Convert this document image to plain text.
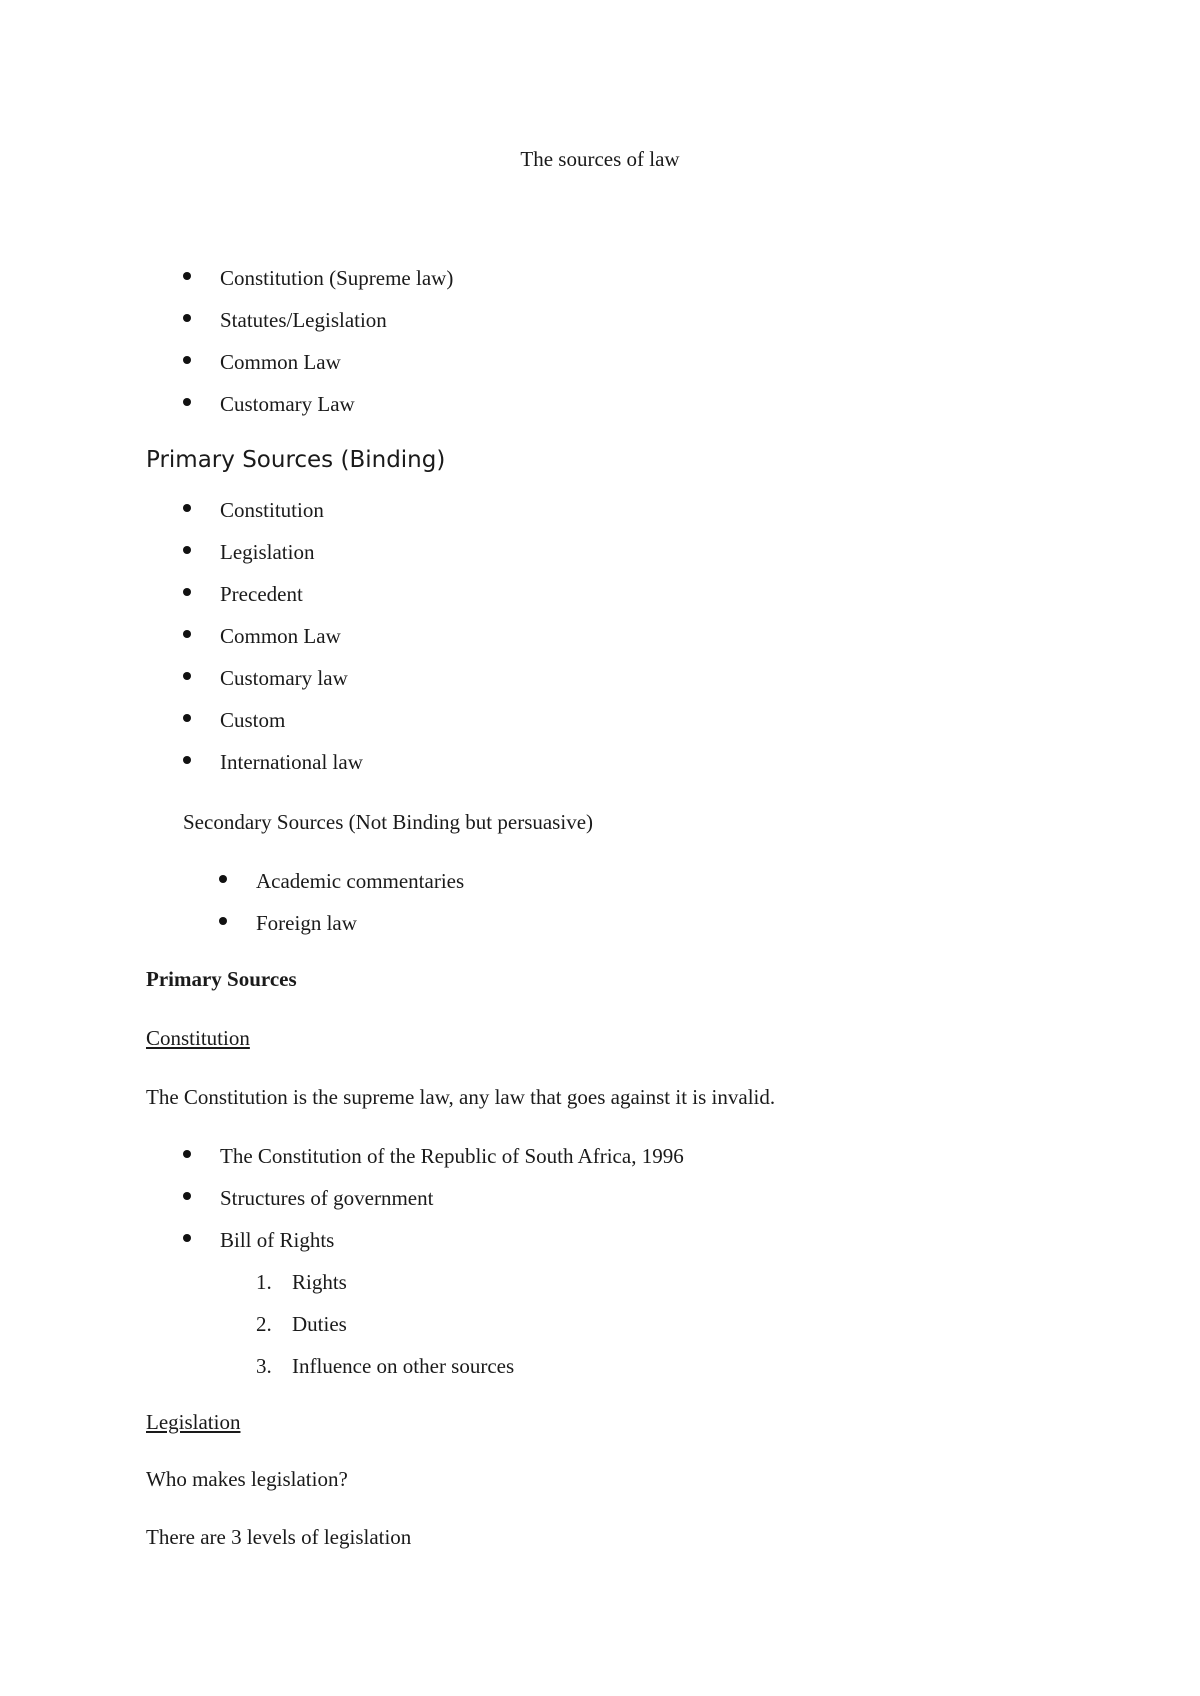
The sources of law
Constitution (Supreme law)
Statutes/Legislation
Common Law
Customary Law
Primary Sources (Binding)
Constitution
Legislation
Precedent
Common Law
Customary law
Custom
International law
Secondary Sources (Not Binding but persuasive)
Academic commentaries
Foreign law
Primary Sources
Constitution
The Constitution is the supreme law, any law that goes against it is invalid.
The Constitution of the Republic of South Africa, 1996
Structures of government
Bill of Rights
1. Rights
2. Duties
3. Influence on other sources
Legislation
Who makes legislation?
There are 3 levels of legislation
